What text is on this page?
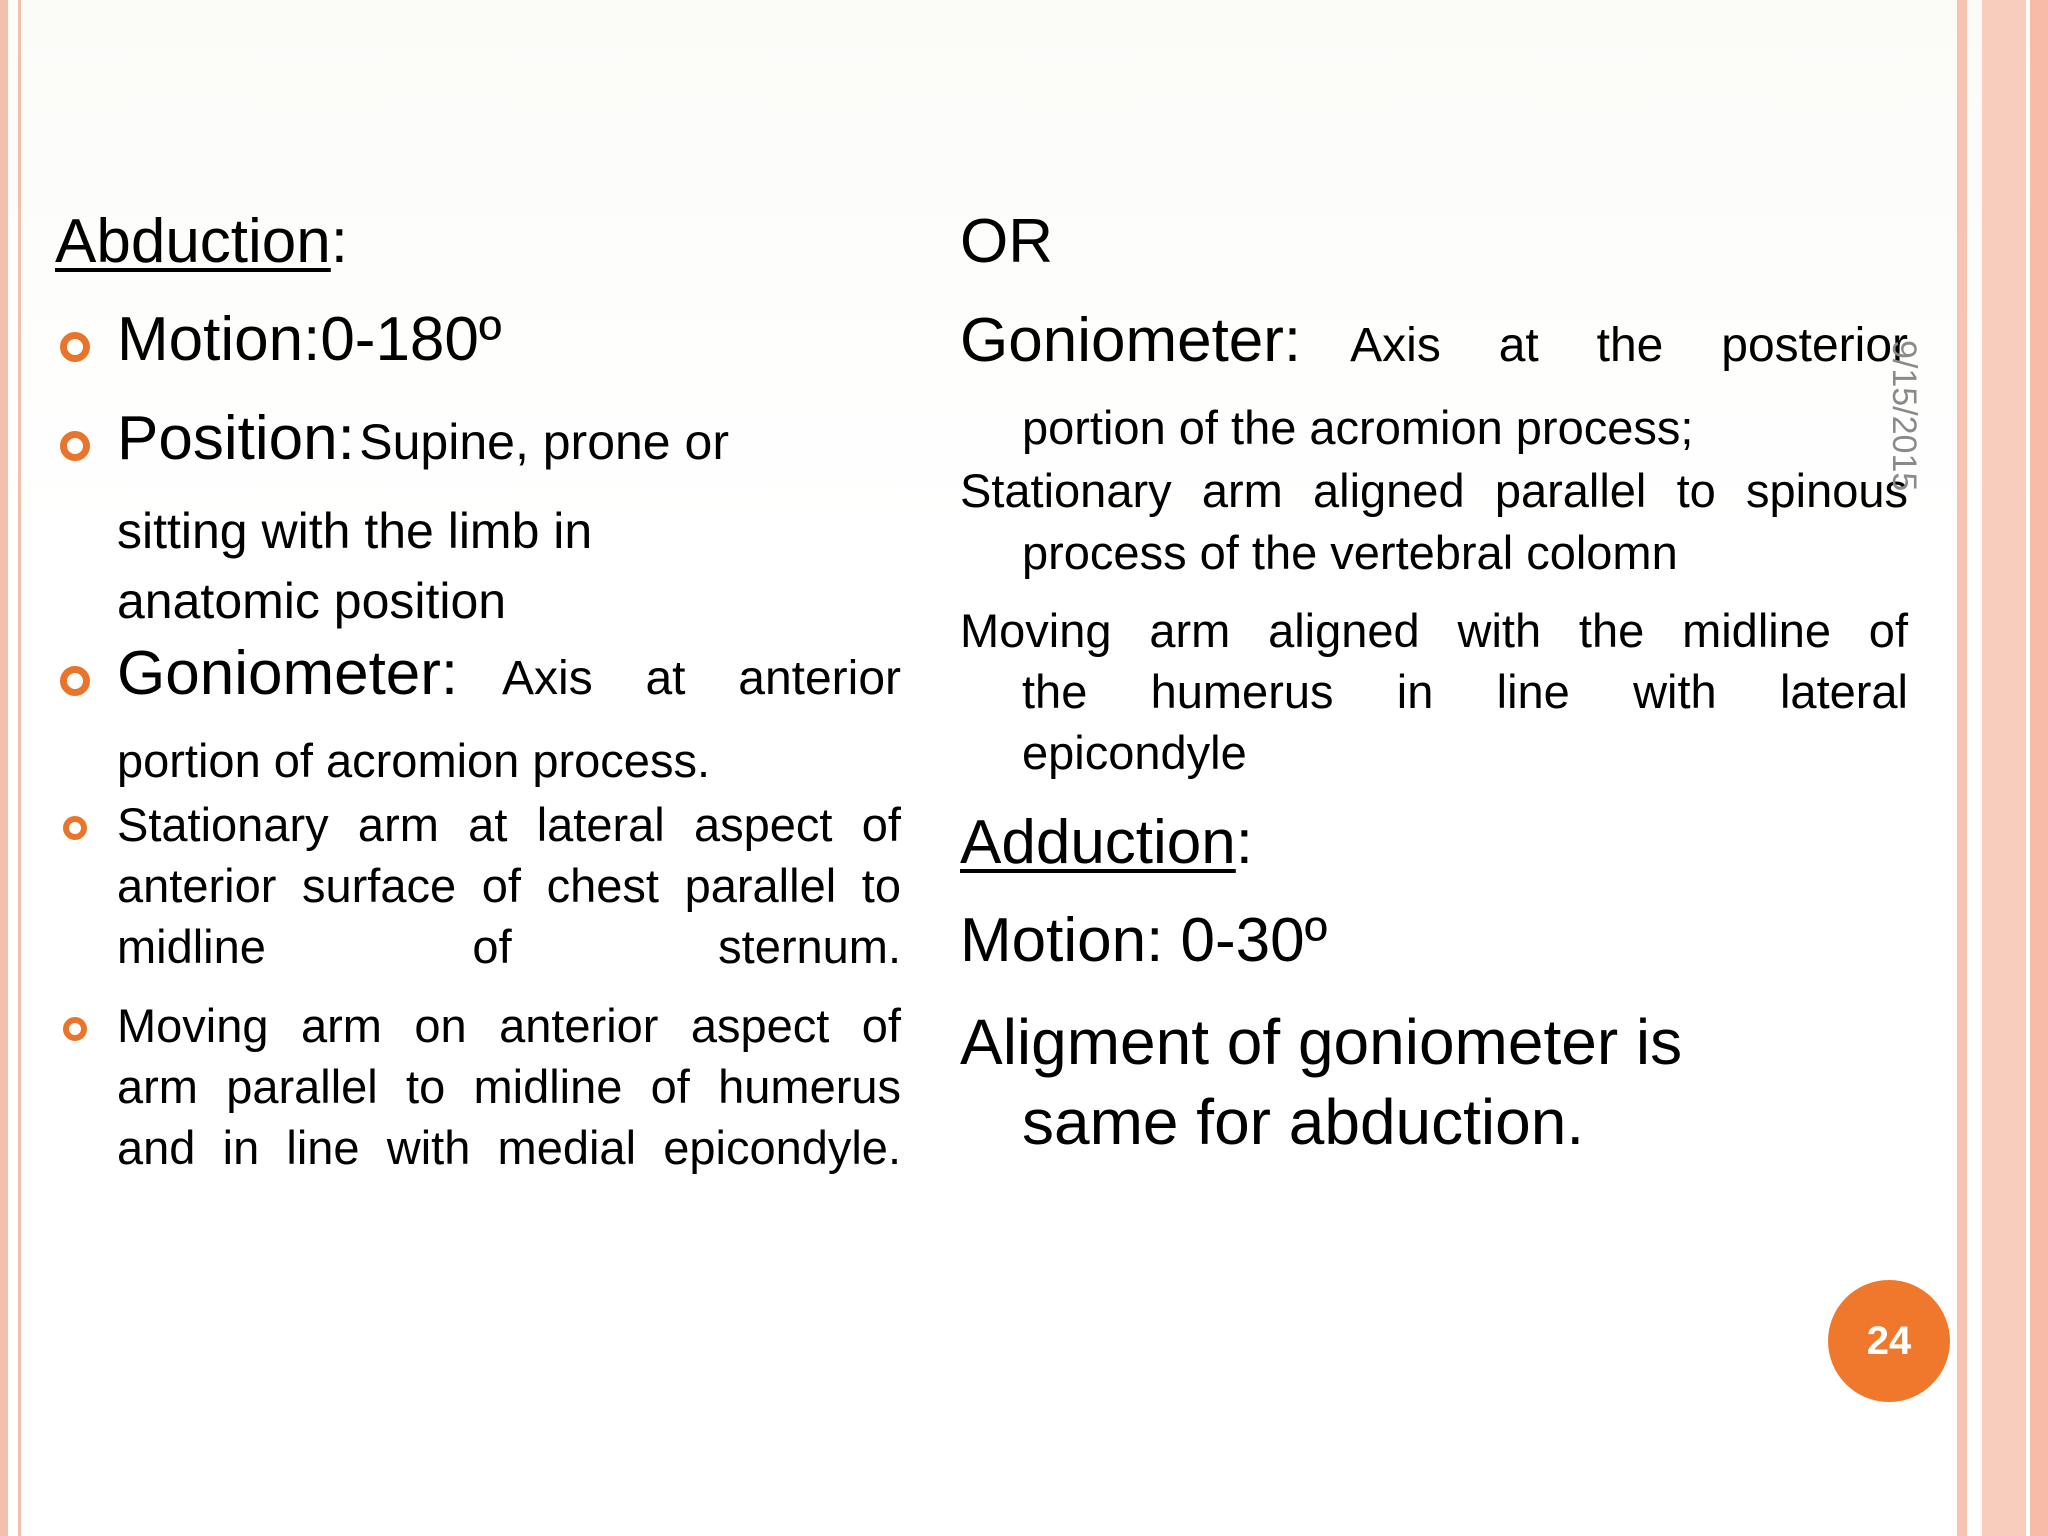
Abduction:
Motion:0-180º
Position: Supine, prone or
sitting with the limb in
anatomic position
Goniometer: Axis at anterior
portion of acromion process.
Stationary arm at lateral aspect of
anterior surface of chest parallel to
midline of sternum.
Moving arm on anterior aspect of
arm parallel to midline of humerus
and in line with medial epicondyle.
OR
Goniometer: Axis at the posterior
portion of the acromion process;
Stationary arm aligned parallel to spinous
process of the vertebral colomn
Moving arm aligned with the midline of
the humerus in line with lateral
epicondyle
Adduction:
Motion: 0-30º
Aligment of goniometer is
same for abduction.
9/15/2015
24
